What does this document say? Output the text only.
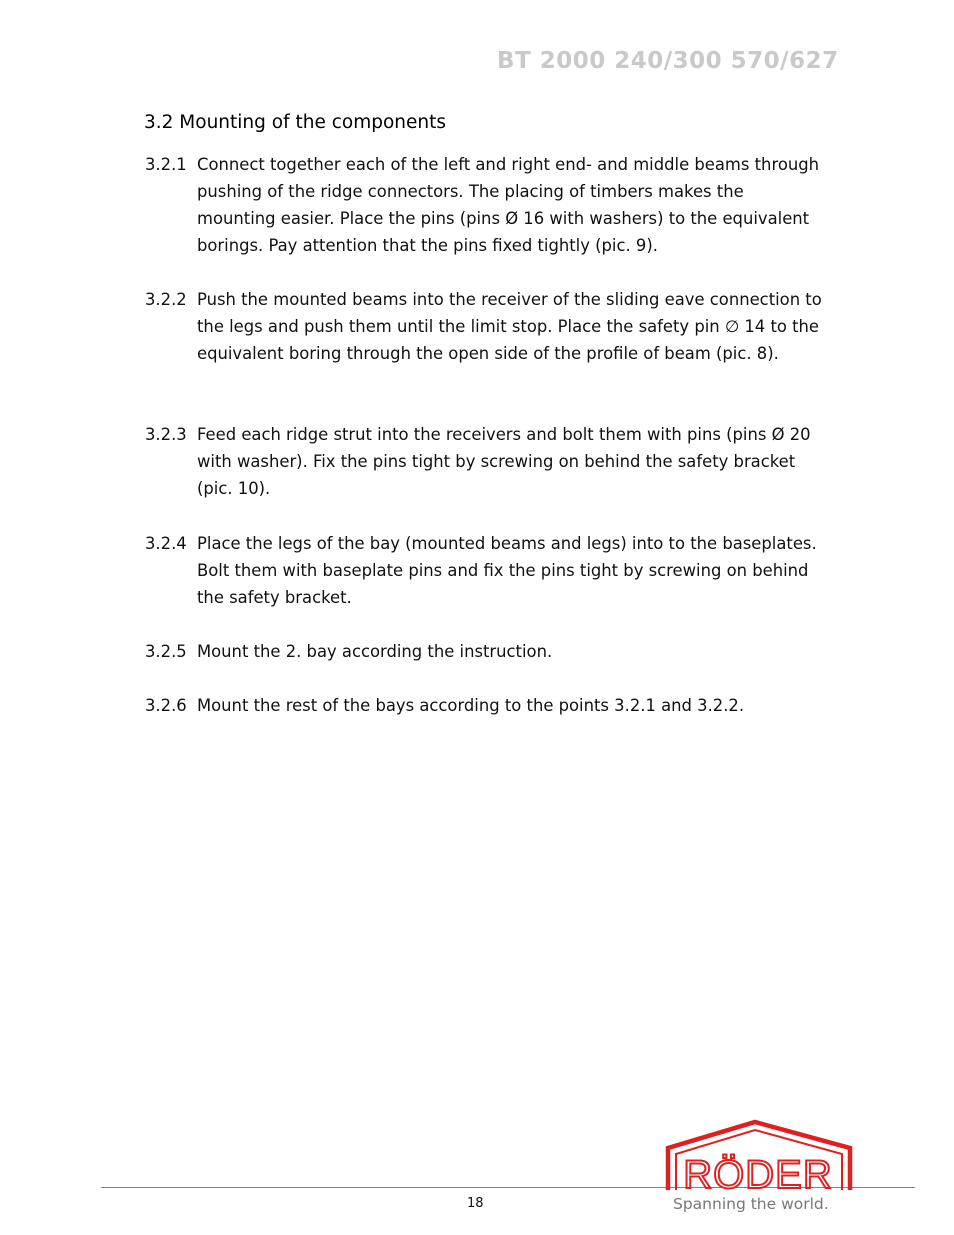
BT 2000 240/300 570/627
3.2 Mounting of the components
3.2.1 Connect together each of the left and right end- and middle beams through pushing of the ridge connectors. The placing of timbers makes the mounting easier. Place the pins (pins Ø 16 with washers) to the equivalent borings. Pay attention that the pins fixed tightly (pic. 9).
3.2.2 Push the mounted beams into the receiver of the sliding eave connection to the legs and push them until the limit stop. Place the safety pin ∅ 14 to the equivalent boring through the open side of the profile of beam (pic. 8).
3.2.3 Feed each ridge strut into the receivers and bolt them with pins (pins Ø 20 with washer). Fix the pins tight by screwing on behind the safety bracket (pic. 10).
3.2.4 Place the legs of the bay (mounted beams and legs) into to the baseplates. Bolt them with baseplate pins and fix the pins tight by screwing on behind the safety bracket.
3.2.5 Mount the 2. bay according the instruction.
3.2.6 Mount the rest of the bays according to the points 3.2.1 and 3.2.2.
18
RÖDER
Spanning the world.
